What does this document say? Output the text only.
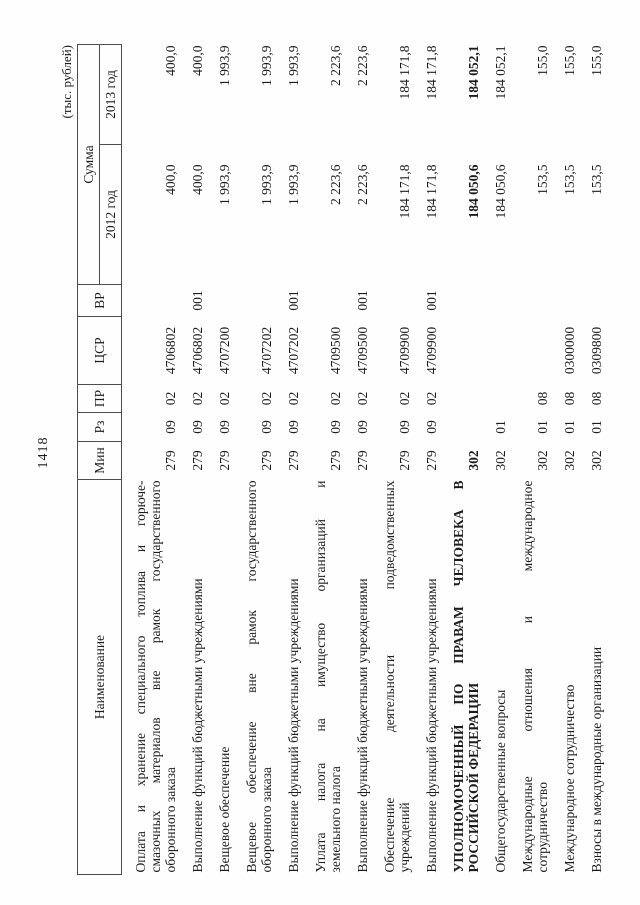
1418
(тыс. рублей)
Наименование	Мин	Рз	ПР	ЦСР	ВР	Сумма	
						2012 год	2013 год

Оплата и хранение специального топлива и горюче- смазочных материалов вне рамок государственного оборонного заказа	279	09	02	4706802		400,0	400,0

Выполнение функций бюджетными учреждениями	279	09	02	4706802	001	400,0	400,0

Вещевое обеспечение	279	09	02	4707200		1 993,9	1 993,9

Вещевое обеспечение вне рамок государственного оборонного заказа	279	09	02	4707202		1 993,9	1 993,9

Выполнение функций бюджетными учреждениями	279	09	02	4707202	001	1 993,9	1 993,9

Уплата налога на имущество организаций и земельного налога	279	09	02	4709500		2 223,6	2 223,6

Выполнение функций бюджетными учреждениями	279	09	02	4709500	001	2 223,6	2 223,6

Обеспечение деятельности подведомственных учреждений	279	09	02	4709900		184 171,8	184 171,8

Выполнение функций бюджетными учреждениями	279	09	02	4709900	001	184 171,8	184 171,8

УПОЛНОМОЧЕННЫЙ ПО ПРАВАМ ЧЕЛОВЕКА В РОССИЙСКОЙ ФЕДЕРАЦИИ	302					184 050,6	184 052,1

Общегосударственные вопросы	302	01				184 050,6	184 052,1

Международные отношения и международное сотрудничество	302	01	08			153,5	155,0

Международное сотрудничество	302	01	08	0300000		153,5	155,0

Взносы в международные организации	302	01	08	0309800		153,5	155,0
